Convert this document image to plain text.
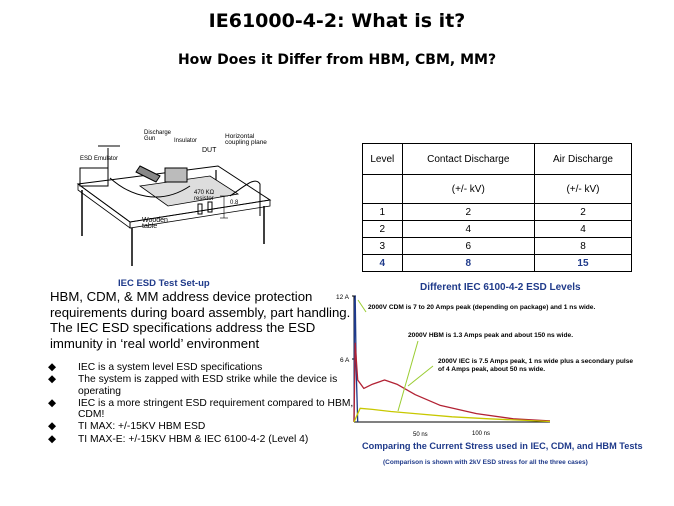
IE61000-4-2: What is it?
How Does it Differ from HBM, CBM, MM?
ESD Emulator
Discharge Gun	Insulator
DUT
Horizontal coupling plane
470 KΩ resistor
0.8
Wooden table
IEC ESD Test Set-up
Level	Contact Discharge	Air Discharge
	(+/- kV)	(+/- kV)
1	2	2
2	4	4
3	6	8
4	8	15
HBM, CDM, & MM address device protection requirements during board assembly, part handling. The IEC ESD specifications address the ESD immunity in ‘real world’ environment
◆ IEC is a system level ESD specifications
◆ The system is zapped with ESD strike while the device is operating
◆ IEC is a more stringent ESD requirement compared to HBM, CDM!
◆ TI MAX: +/-15KV HBM ESD
◆ TI MAX-E: +/-15KV HBM & IEC 6100-4-2 (Level 4)
Different IEC 6100-4-2 ESD Levels
12 A
6 A
50 ns	100 ns
2000V CDM is 7 to 20 Amps peak (depending on package) and 1 ns wide.
2000V HBM is 1.3 Amps peak and about 150 ns wide.
2000V IEC is 7.5 Amps peak, 1 ns wide plus a secondary pulse of 4 Amps peak, about 50 ns wide.
Comparing the Current Stress used in IEC, CDM, and HBM Tests
(Comparison is shown with 2kV ESD stress for all the three cases)
